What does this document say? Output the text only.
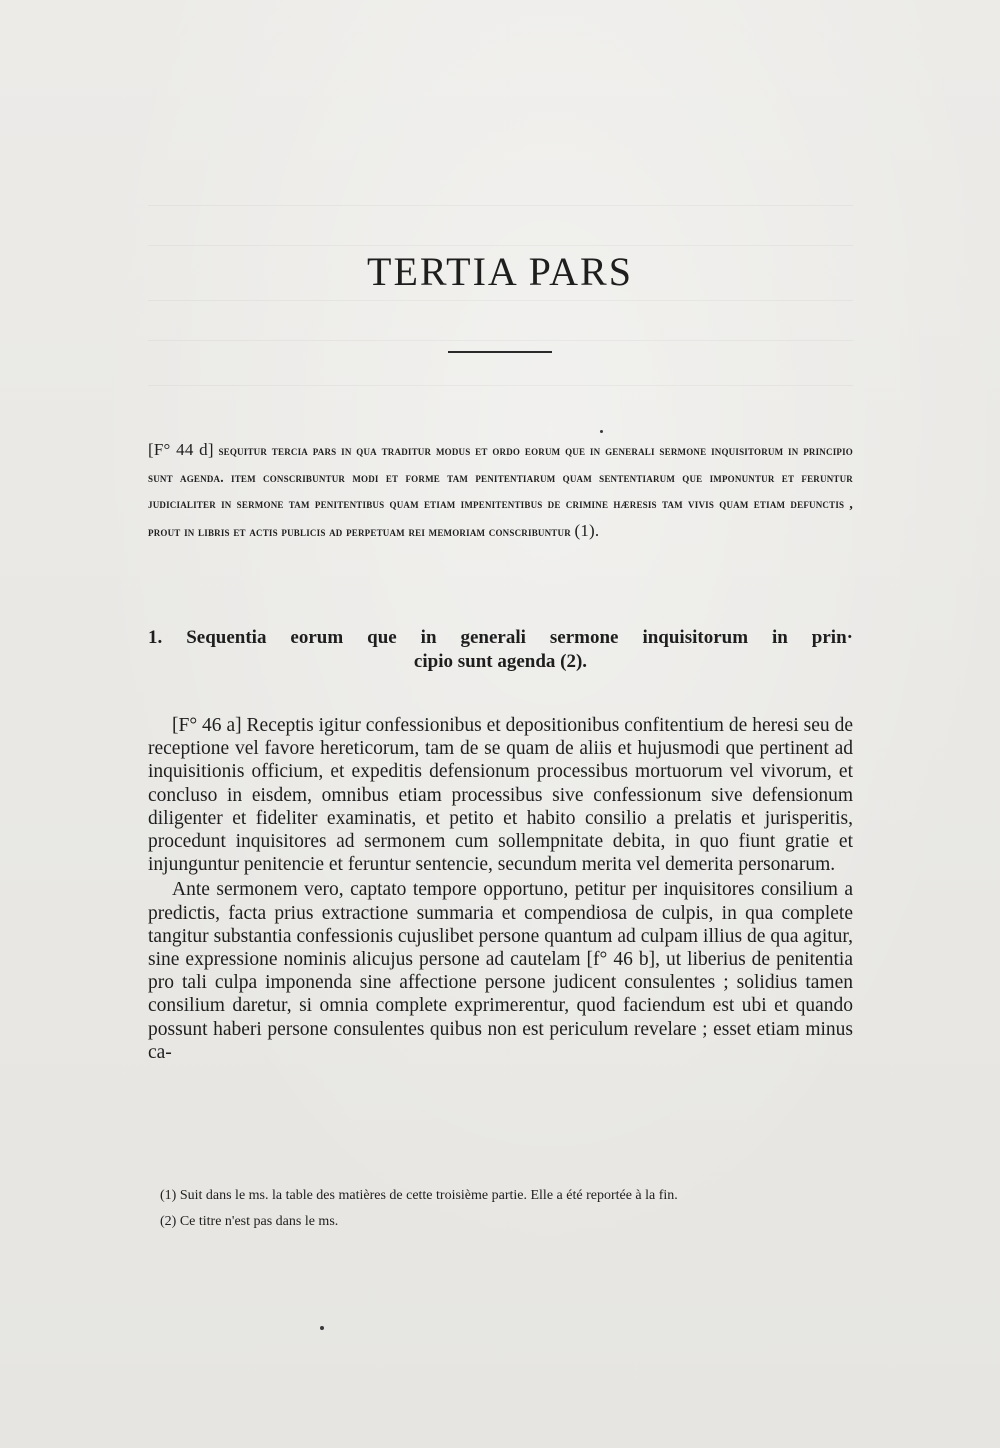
TERTIA PARS

[F° 44 d] sequitur tercia pars in qua traditur modus et ordo eorum que in generali sermone inquisitorum in principio sunt agenda. item conscribuntur modi et forme tam penitentiarum quam sententiarum que imponuntur et feruntur judicialiter in sermone tam penitentibus quam etiam impenitentibus de crimine hæresis tam vivis quam etiam defunctis , prout in libris et actis publicis ad perpetuam rei memoriam conscribuntur (1).

1. Sequentia eorum que in generali sermone inquisitorum in prin·
cipio sunt agenda (2).

[F° 46 a] Receptis igitur confessionibus et depositionibus confitentium de heresi seu de receptione vel favore hereticorum, tam de se quam de aliis et hujusmodi que pertinent ad inquisitionis officium, et expeditis defensionum processibus mortuorum vel vivorum, et concluso in eisdem, omnibus etiam processibus sive confessionum sive defensionum diligenter et fideliter examinatis, et petito et habito consilio a prelatis et jurisperitis, procedunt inquisitores ad sermonem cum sollempnitate debita, in quo fiunt gratie et injunguntur penitencie et feruntur sentencie, secundum merita vel demerita personarum.

Ante sermonem vero, captato tempore opportuno, petitur per inquisitores consilium a predictis, facta prius extractione summaria et compendiosa de culpis, in qua complete tangitur substantia confessionis cujuslibet persone quantum ad culpam illius de qua agitur, sine expressione nominis alicujus persone ad cautelam [f° 46 b], ut liberius de penitentia pro tali culpa imponenda sine affectione persone judicent consulentes ; solidius tamen consilium daretur, si omnia complete exprimerentur, quod faciendum est ubi et quando possunt haberi persone consulentes quibus non est periculum revelare ; esset etiam minus ca-

(1) Suit dans le ms. la table des matières de cette troisième partie. Elle a été reportée à la fin.

(2) Ce titre n'est pas dans le ms.
